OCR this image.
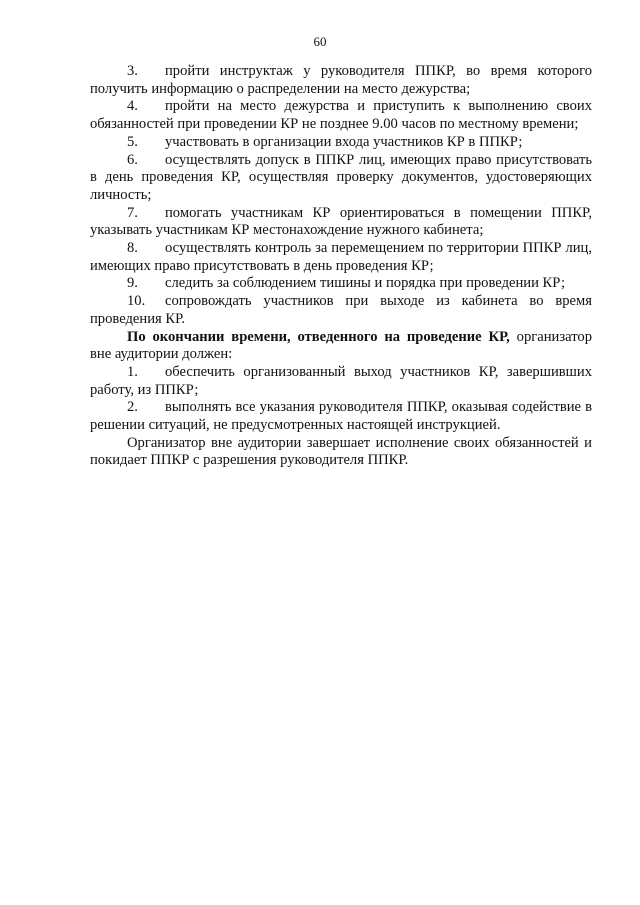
60

3. пройти инструктаж у руководителя ППКР, во время которого получить информацию о распределении на место дежурства;

4. пройти на место дежурства и приступить к выполнению своих обязанностей при проведении КР не позднее 9.00 часов по местному времени;

5. участвовать в организации входа участников КР в ППКР;

6. осуществлять допуск в ППКР лиц, имеющих право присутствовать в день проведения КР, осуществляя проверку документов, удостоверяющих личность;

7. помогать участникам КР ориентироваться в помещении ППКР, указывать участникам КР местонахождение нужного кабинета;

8. осуществлять контроль за перемещением по территории ППКР лиц, имеющих право присутствовать в день проведения КР;

9. следить за соблюдением тишины и порядка при проведении КР;

10. сопровождать участников при выходе из кабинета во время проведения КР.

По окончании времени, отведенного на проведение КР, организатор вне аудитории должен:

1. обеспечить организованный выход участников КР, завершивших работу, из ППКР;

2. выполнять все указания руководителя ППКР, оказывая содействие в решении ситуаций, не предусмотренных настоящей инструкцией.

Организатор вне аудитории завершает исполнение своих обязанностей и покидает ППКР с разрешения руководителя ППКР.
